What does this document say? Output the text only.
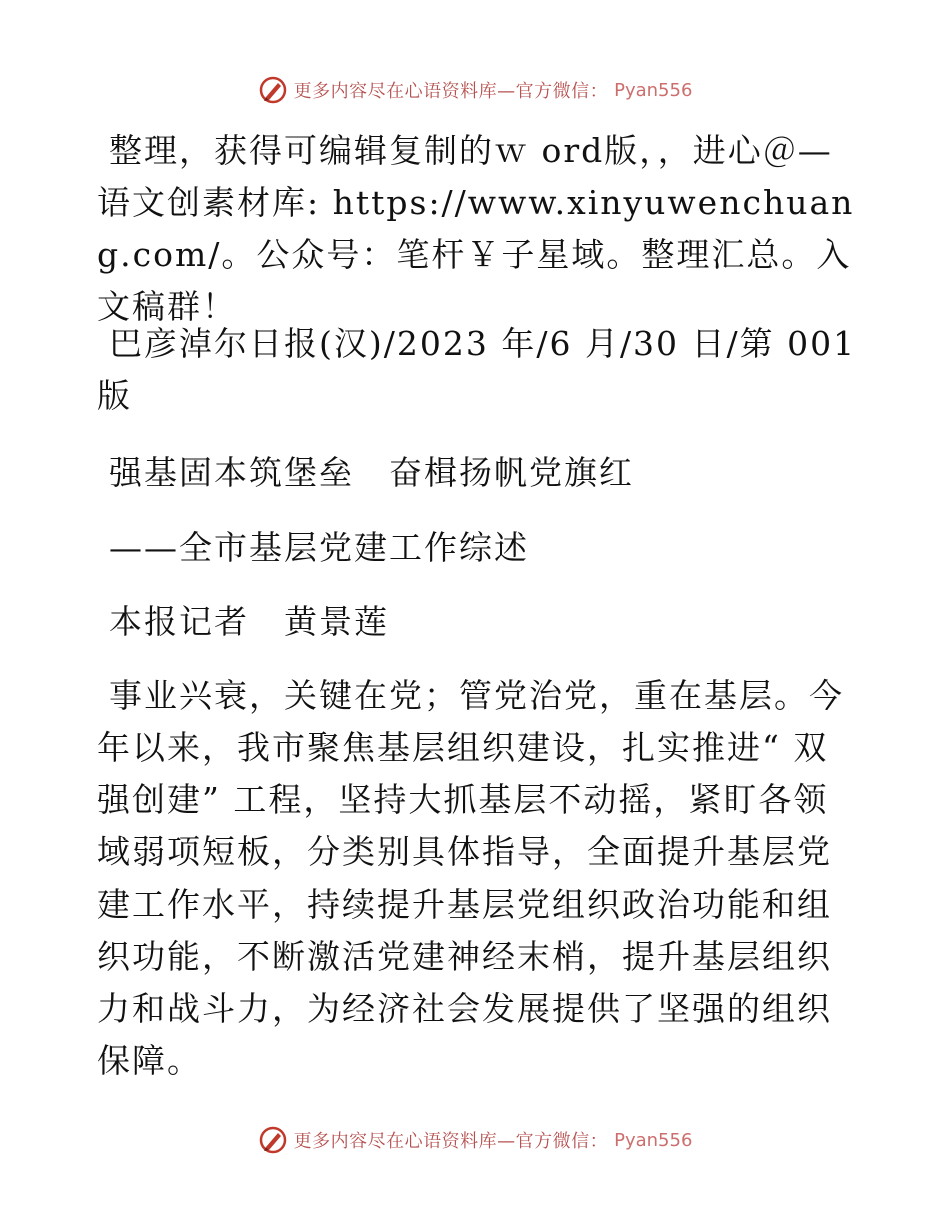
更多内容尽在心语资料库—官方微信： Pyan556

整理，获得可编辑复制的ｗ ord版，，进心＠—语文创素材库: https://www.xinyuwenchuang.com/。公众号：笔杆￥子星域。整理汇总。入文稿群！

巴彦淖尔日报(汉)/2023 年/6 月/30 日/第 001 版

强基固本筑堡垒　奋楫扬帆党旗红

——全市基层党建工作综述

本报记者　黄景莲

事业兴衰，关键在党；管党治党，重在基层。今年以来，我市聚焦基层组织建设，扎实推进“ 双强创建” 工程，坚持大抓基层不动摇，紧盯各领域弱项短板，分类别具体指导，全面提升基层党建工作水平，持续提升基层党组织政治功能和组织功能，不断激活党建神经末梢，提升基层组织力和战斗力，为经济社会发展提供了坚强的组织保障。

更多内容尽在心语资料库—官方微信： Pyan556
